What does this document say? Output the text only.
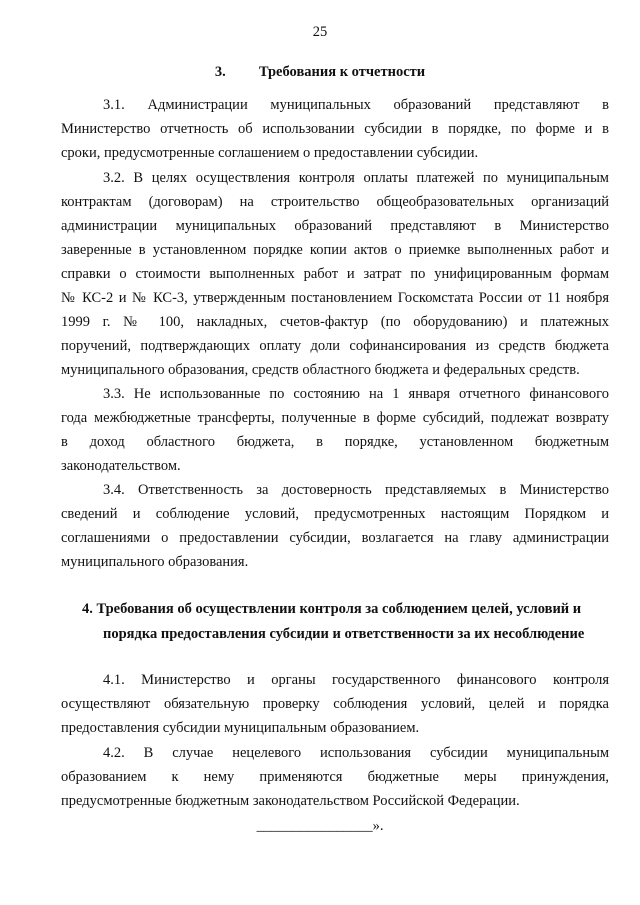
25
3. Требования к отчетности
3.1. Администрации муниципальных образований представляют в
Министерство отчетность об использовании субсидии в порядке, по форме и в
сроки, предусмотренные соглашением о предоставлении субсидии.
3.2. В целях осуществления контроля оплаты платежей по муниципальным
контрактам (договорам) на строительство общеобразовательных организаций
администрации муниципальных образований представляют в Министерство
заверенные в установленном порядке копии актов о приемке выполненных работ и
справки о стоимости выполненных работ и затрат по унифицированным формам
№ КС-2 и № КС-3, утвержденным постановлением Госкомстата России от 11 ноября
1999 г. № 100, накладных, счетов-фактур (по оборудованию) и платежных
поручений, подтверждающих оплату доли софинансирования из средств бюджета
муниципального образования, средств областного бюджета и федеральных средств.
3.3. Не использованные по состоянию на 1 января отчетного финансового
года межбюджетные трансферты, полученные в форме субсидий, подлежат возврату
в доход областного бюджета, в порядке, установленном бюджетным
законодательством.
3.4. Ответственность за достоверность представляемых в Министерство
сведений и соблюдение условий, предусмотренных настоящим Порядком и
соглашениями о предоставлении субсидии, возлагается на главу администрации
муниципального образования.
4. Требования об осуществлении контроля за соблюдением целей, условий и
порядка предоставления субсидии и ответственности за их несоблюдение
4.1. Министерство и органы государственного финансового контроля
осуществляют обязательную проверку соблюдения условий, целей и порядка
предоставления субсидии муниципальным образованием.
4.2. В случае нецелевого использования субсидии муниципальным
образованием к нему применяются бюджетные меры принуждения,
предусмотренные бюджетным законодательством Российской Федерации.
________________».
